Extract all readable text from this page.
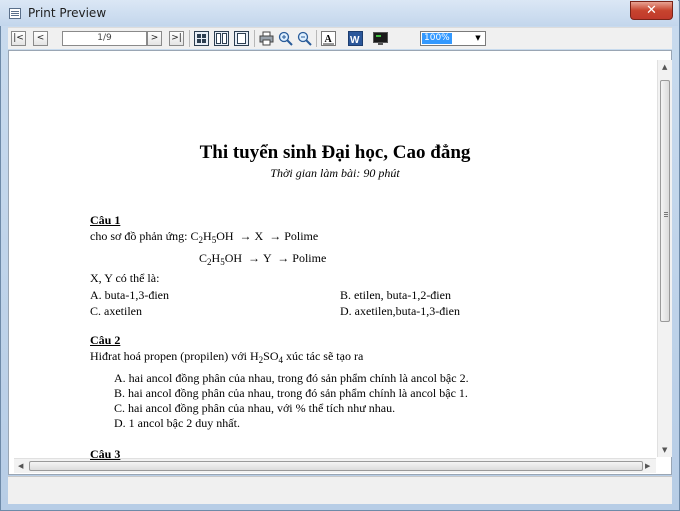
Print Preview	✕
|<	<	1/9	>	>|	A W	100%	▼
▲
▼
◀	▶
Thi tuyển sinh Đại học, Cao đẳng
Thời gian làm bài: 90 phút
Câu 1
cho sơ đồ phản ứng: $C_2H_5OH \to X \to Polime$
$C_2H_5OH \to Y \to Polime$
X, Y có thể là:
A. buta-1,3-đien	B. etilen, buta-1,2-đien
C. axetilen	D. axetilen,buta-1,3-đien
Câu 2
Hiđrat hoá propen (propilen) với $H_2SO_4$ xúc tác sẽ tạo ra
A. hai ancol đồng phân của nhau, trong đó sản phẩm chính là ancol bậc 2.
B. hai ancol đồng phân của nhau, trong đó sản phẩm chính là ancol bậc 1.
C. hai ancol đồng phân của nhau, với % thể tích như nhau.
D. 1 ancol bậc 2 duy nhất.
Câu 3
